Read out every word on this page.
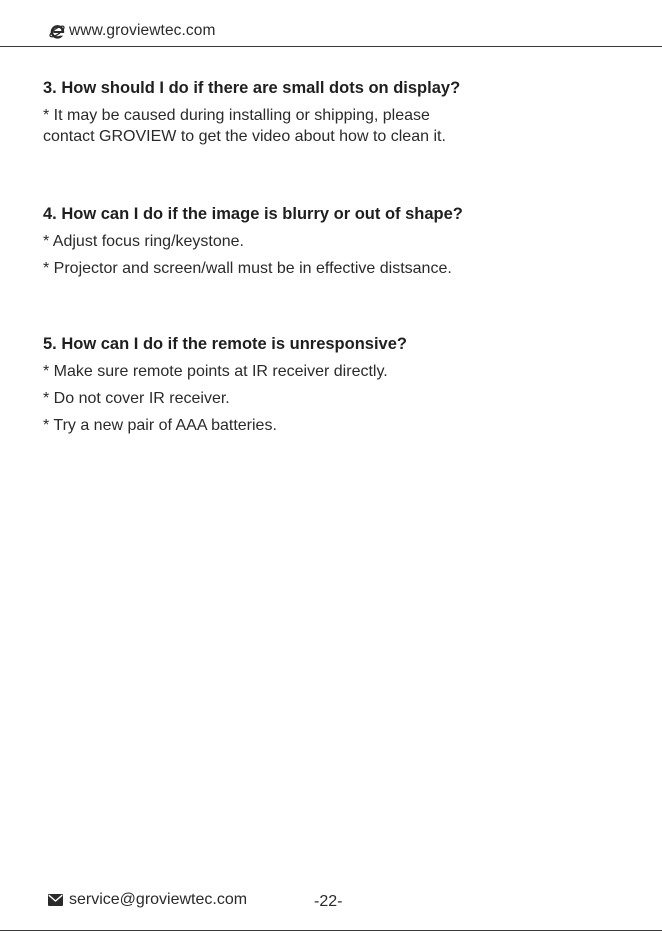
www.groviewtec.com
3. How should I do if there are small dots on display?
* It may be caused during installing or shipping, please
contact GROVIEW to get the video about how to clean it.
4. How can I do if the image is blurry or out of shape?
* Adjust focus ring/keystone.
* Projector and screen/wall must be in effective distsance.
5. How can I do if the remote is unresponsive?
* Make sure remote points at IR receiver directly.
* Do not cover IR receiver.
* Try a new pair of AAA batteries.
service@groviewtec.com	-22-
